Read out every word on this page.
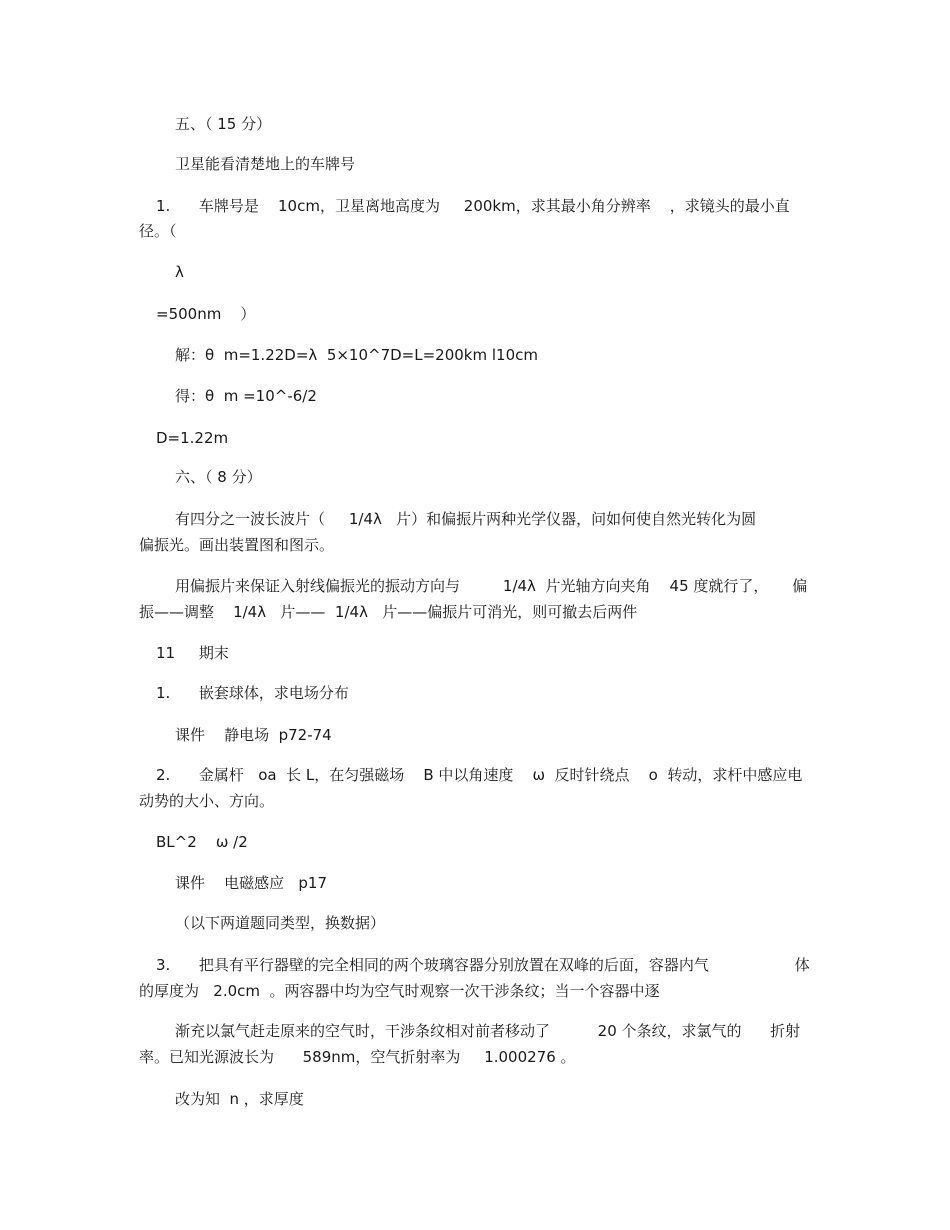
五、（ 15 分）
卫星能看清楚地上的车牌号
1.      车牌号是    10cm，卫星离地高度为     200km，求其最小角分辨率    ，求镜头的最小直
径。（
λ
=500nm    ）
解：θ  m=1.22D=λ  5×10^7D=L=200km l10cm
得：θ  m =10^-6/2
D=1.22m
六、（ 8 分）
有四分之一波长波片（     1/4λ   片）和偏振片两种光学仪器，问如何使自然光转化为圆
偏振光。画出装置图和图示。
用偏振片来保证入射线偏振光的振动方向与         1/4λ  片光轴方向夹角    45 度就行了，     偏
振——调整    1/4λ   片——  1/4λ   片——偏振片可消光，则可撤去后两件
11     期末
1.      嵌套球体，求电场分布
课件    静电场  p72-74
2.      金属杆   oa  长 L，在匀强磁场    B 中以角速度    ω  反时针绕点    o  转动，求杆中感应电
动势的大小、方向。
BL^2    ω /2
课件    电磁感应   p17
（以下两道题同类型，换数据）
3.      把具有平行器壁的完全相同的两个玻璃容器分别放置在双峰的后面，容器内气                  体
的厚度为   2.0cm  。两容器中均为空气时观察一次干涉条纹；当一个容器中逐
渐充以氯气赶走原来的空气时，干涉条纹相对前者移动了          20 个条纹，求氯气的      折射
率。已知光源波长为      589nm，空气折射率为     1.000276 。
改为知  n ，求厚度
